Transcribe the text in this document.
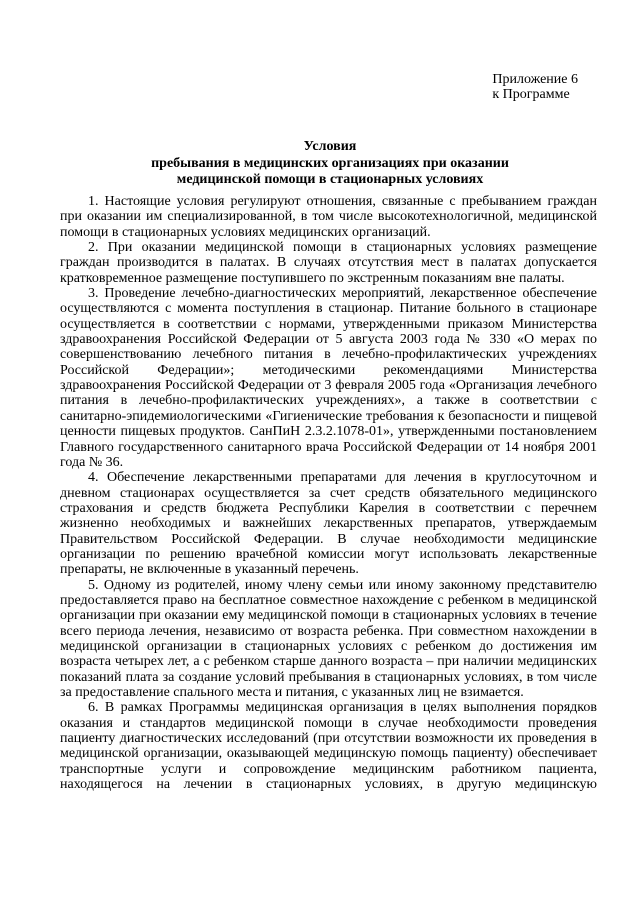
Приложение 6
к Программе
Условия
пребывания в медицинских организациях при оказании
медицинской помощи в стационарных условиях

1. Настоящие условия регулируют отношения, связанные с пребыванием граждан при оказании им специализированной, в том числе высокотехнологичной, медицинской помощи в стационарных условиях медицинских организаций.

2. При оказании медицинской помощи в стационарных условиях размещение граждан производится в палатах. В случаях отсутствия мест в палатах допускается кратковременное размещение поступившего по экстренным показаниям вне палаты.

3. Проведение лечебно-диагностических мероприятий, лекарственное обеспечение осуществляются с момента поступления в стационар. Питание больного в стационаре осуществляется в соответствии с нормами, утвержденными приказом Министерства здравоохранения Российской Федерации от 5 августа 2003 года № 330 «О мерах по совершенствованию лечебного питания в лечебно-профилактических учреждениях Российской Федерации»; методическими рекомендациями Министерства здравоохранения Российской Федерации от 3 февраля 2005 года «Организация лечебного питания в лечебно-профилактических учреждениях», а также в соответствии с санитарно-эпидемиологическими «Гигиенические требования к безопасности и пищевой ценности пищевых продуктов. СанПиН 2.3.2.1078-01», утвержденными постановлением Главного государственного санитарного врача Российской Федерации от 14 ноября 2001 года № 36.

4. Обеспечение лекарственными препаратами для лечения в круглосуточном и дневном стационарах осуществляется за счет средств обязательного медицинского страхования и средств бюджета Республики Карелия в соответствии с перечнем жизненно необходимых и важнейших лекарственных препаратов, утверждаемым Правительством Российской Федерации. В случае необходимости медицинские организации по решению врачебной комиссии могут использовать лекарственные препараты, не включенные в указанный перечень.

5. Одному из родителей, иному члену семьи или иному законному представителю предоставляется право на бесплатное совместное нахождение с ребенком в медицинской организации при оказании ему медицинской помощи в стационарных условиях в течение всего периода лечения, независимо от возраста ребенка. При совместном нахождении в медицинской организации в стационарных условиях с ребенком до достижения им возраста четырех лет, а с ребенком старше данного возраста – при наличии медицинских показаний плата за создание условий пребывания в стационарных условиях, в том числе за предоставление спального места и питания, с указанных лиц не взимается.

6. В рамках Программы медицинская организация в целях выполнения порядков оказания и стандартов медицинской помощи в случае необходимости проведения пациенту диагностических исследований (при отсутствии возможности их проведения в медицинской организации, оказывающей медицинскую помощь пациенту) обеспечивает транспортные услуги и сопровождение медицинским работником пациента, находящегося на лечении в стационарных условиях, в другую медицинскую
